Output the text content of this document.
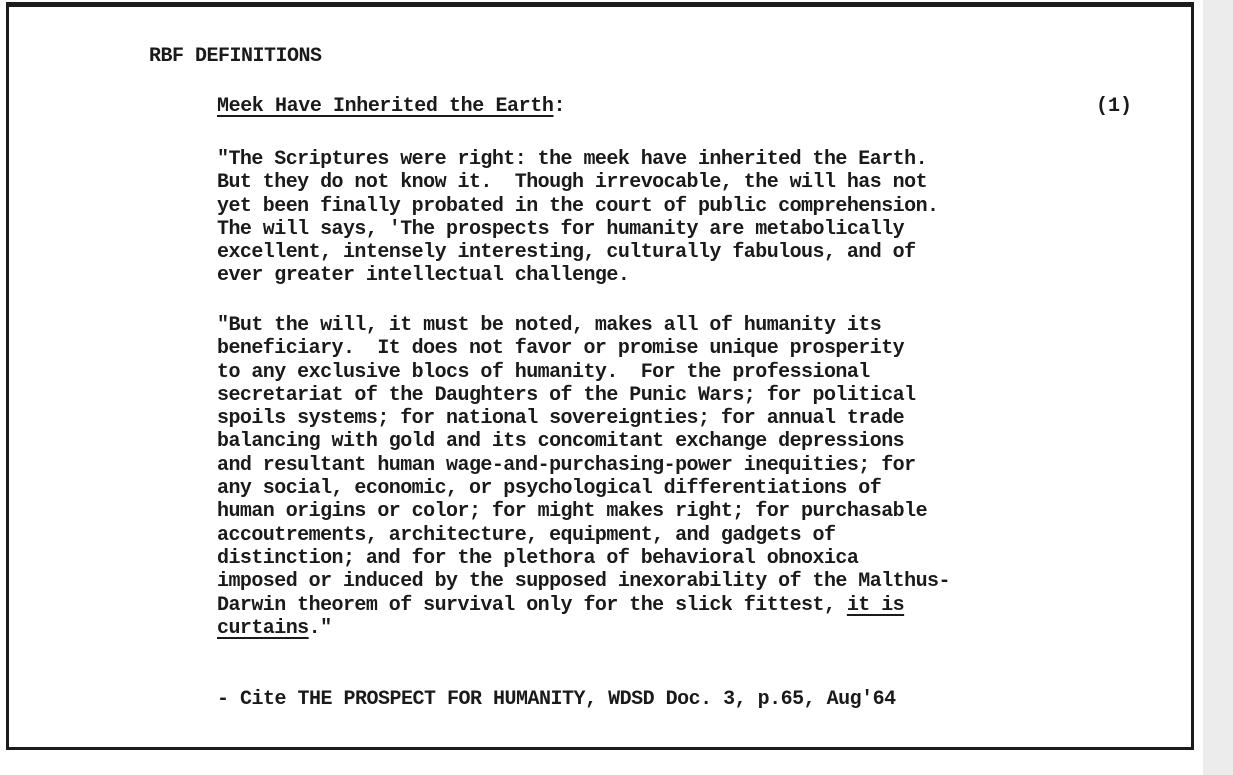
RBF DEFINITIONS
Meek Have Inherited the Earth:	(1)

"The Scriptures were right: the meek have inherited the Earth.
But they do not know it.  Though irrevocable, the will has not
yet been finally probated in the court of public comprehension.
The will says, 'The prospects for humanity are metabolically
excellent, intensely interesting, culturally fabulous, and of
ever greater intellectual challenge.
"But the will, it must be noted, makes all of humanity its
beneficiary.  It does not favor or promise unique prosperity
to any exclusive blocs of humanity.  For the professional
secretariat of the Daughters of the Punic Wars; for political
spoils systems; for national sovereignties; for annual trade
balancing with gold and its concomitant exchange depressions
and resultant human wage-and-purchasing-power inequities; for
any social, economic, or psychological differentiations of
human origins or color; for might makes right; for purchasable
accoutrements, architecture, equipment, and gadgets of
distinction; and for the plethora of behavioral obnoxica
imposed or induced by the supposed inexorability of the Malthus-
Darwin theorem of survival only for the slick fittest, it is
curtains."

- Cite THE PROSPECT FOR HUMANITY, WDSD Doc. 3, p.65, Aug'64
